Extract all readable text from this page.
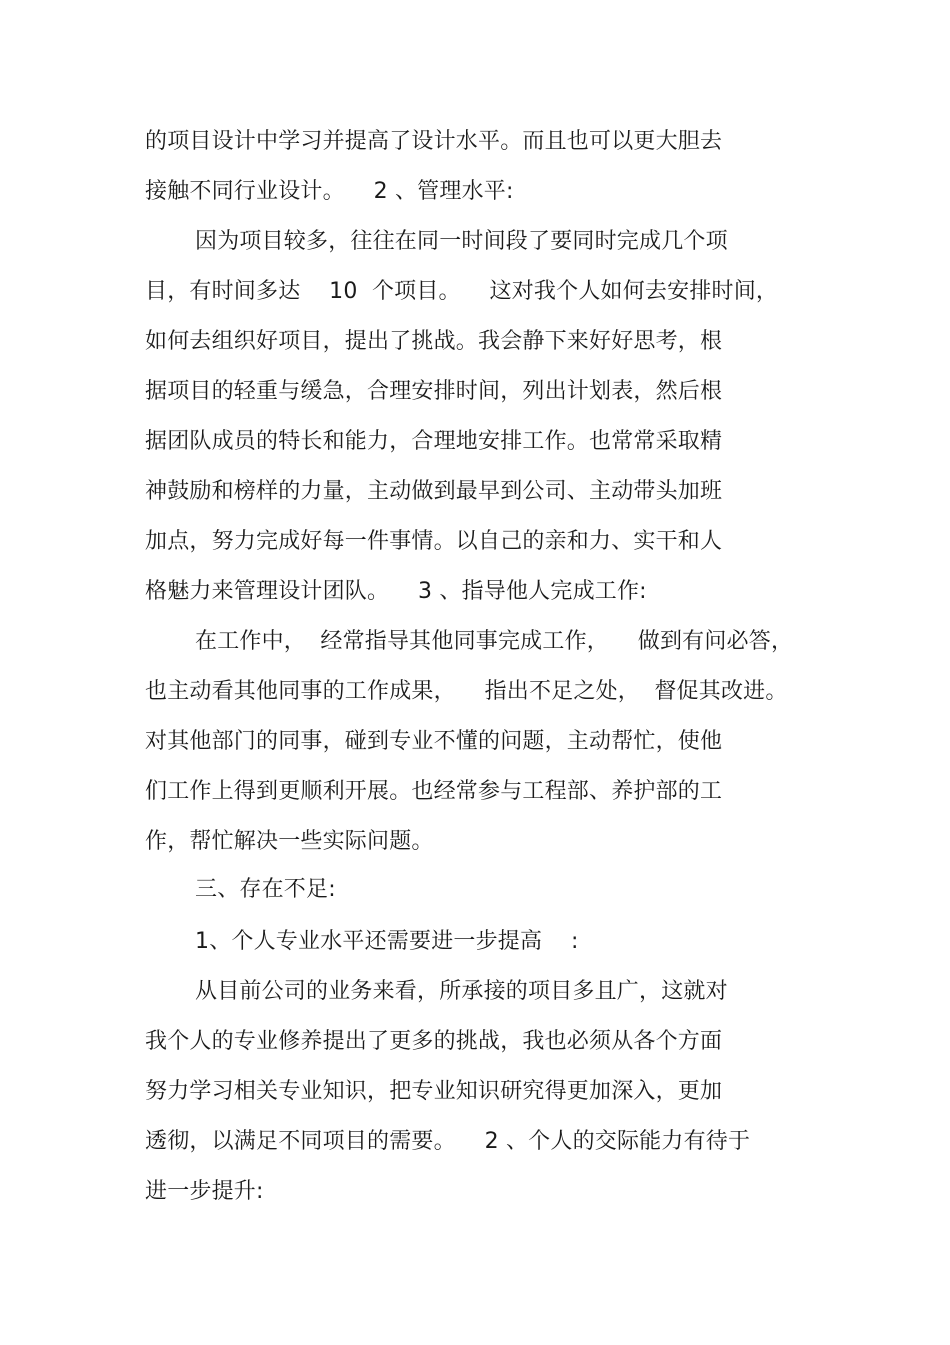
的项目设计中学习并提高了设计水平。而且也可以更大胆去
接触不同行业设计。    2 、管理水平:
因为项目较多，往往在同一时间段了要同时完成几个项
目，有时间多达    10  个项目。    这对我个人如何去安排时间，
如何去组织好项目，提出了挑战。我会静下来好好思考，根
据项目的轻重与缓急，合理安排时间，列出计划表，然后根
据团队成员的特长和能力，合理地安排工作。也常常采取精
神鼓励和榜样的力量，主动做到最早到公司、主动带头加班
加点，努力完成好每一件事情。以自己的亲和力、实干和人
格魅力来管理设计团队。    3 、指导他人完成工作:
在工作中，  经常指导其他同事完成工作，    做到有问必答，
也主动看其他同事的工作成果，    指出不足之处，  督促其改进。
对其他部门的同事，碰到专业不懂的问题，主动帮忙，使他
们工作上得到更顺利开展。也经常参与工程部、养护部的工
作，帮忙解决一些实际问题。
三、存在不足:
1、个人专业水平还需要进一步提高    :
从目前公司的业务来看，所承接的项目多且广，这就对
我个人的专业修养提出了更多的挑战，我也必须从各个方面
努力学习相关专业知识，把专业知识研究得更加深入，更加
透彻，以满足不同项目的需要。    2 、个人的交际能力有待于
进一步提升:
